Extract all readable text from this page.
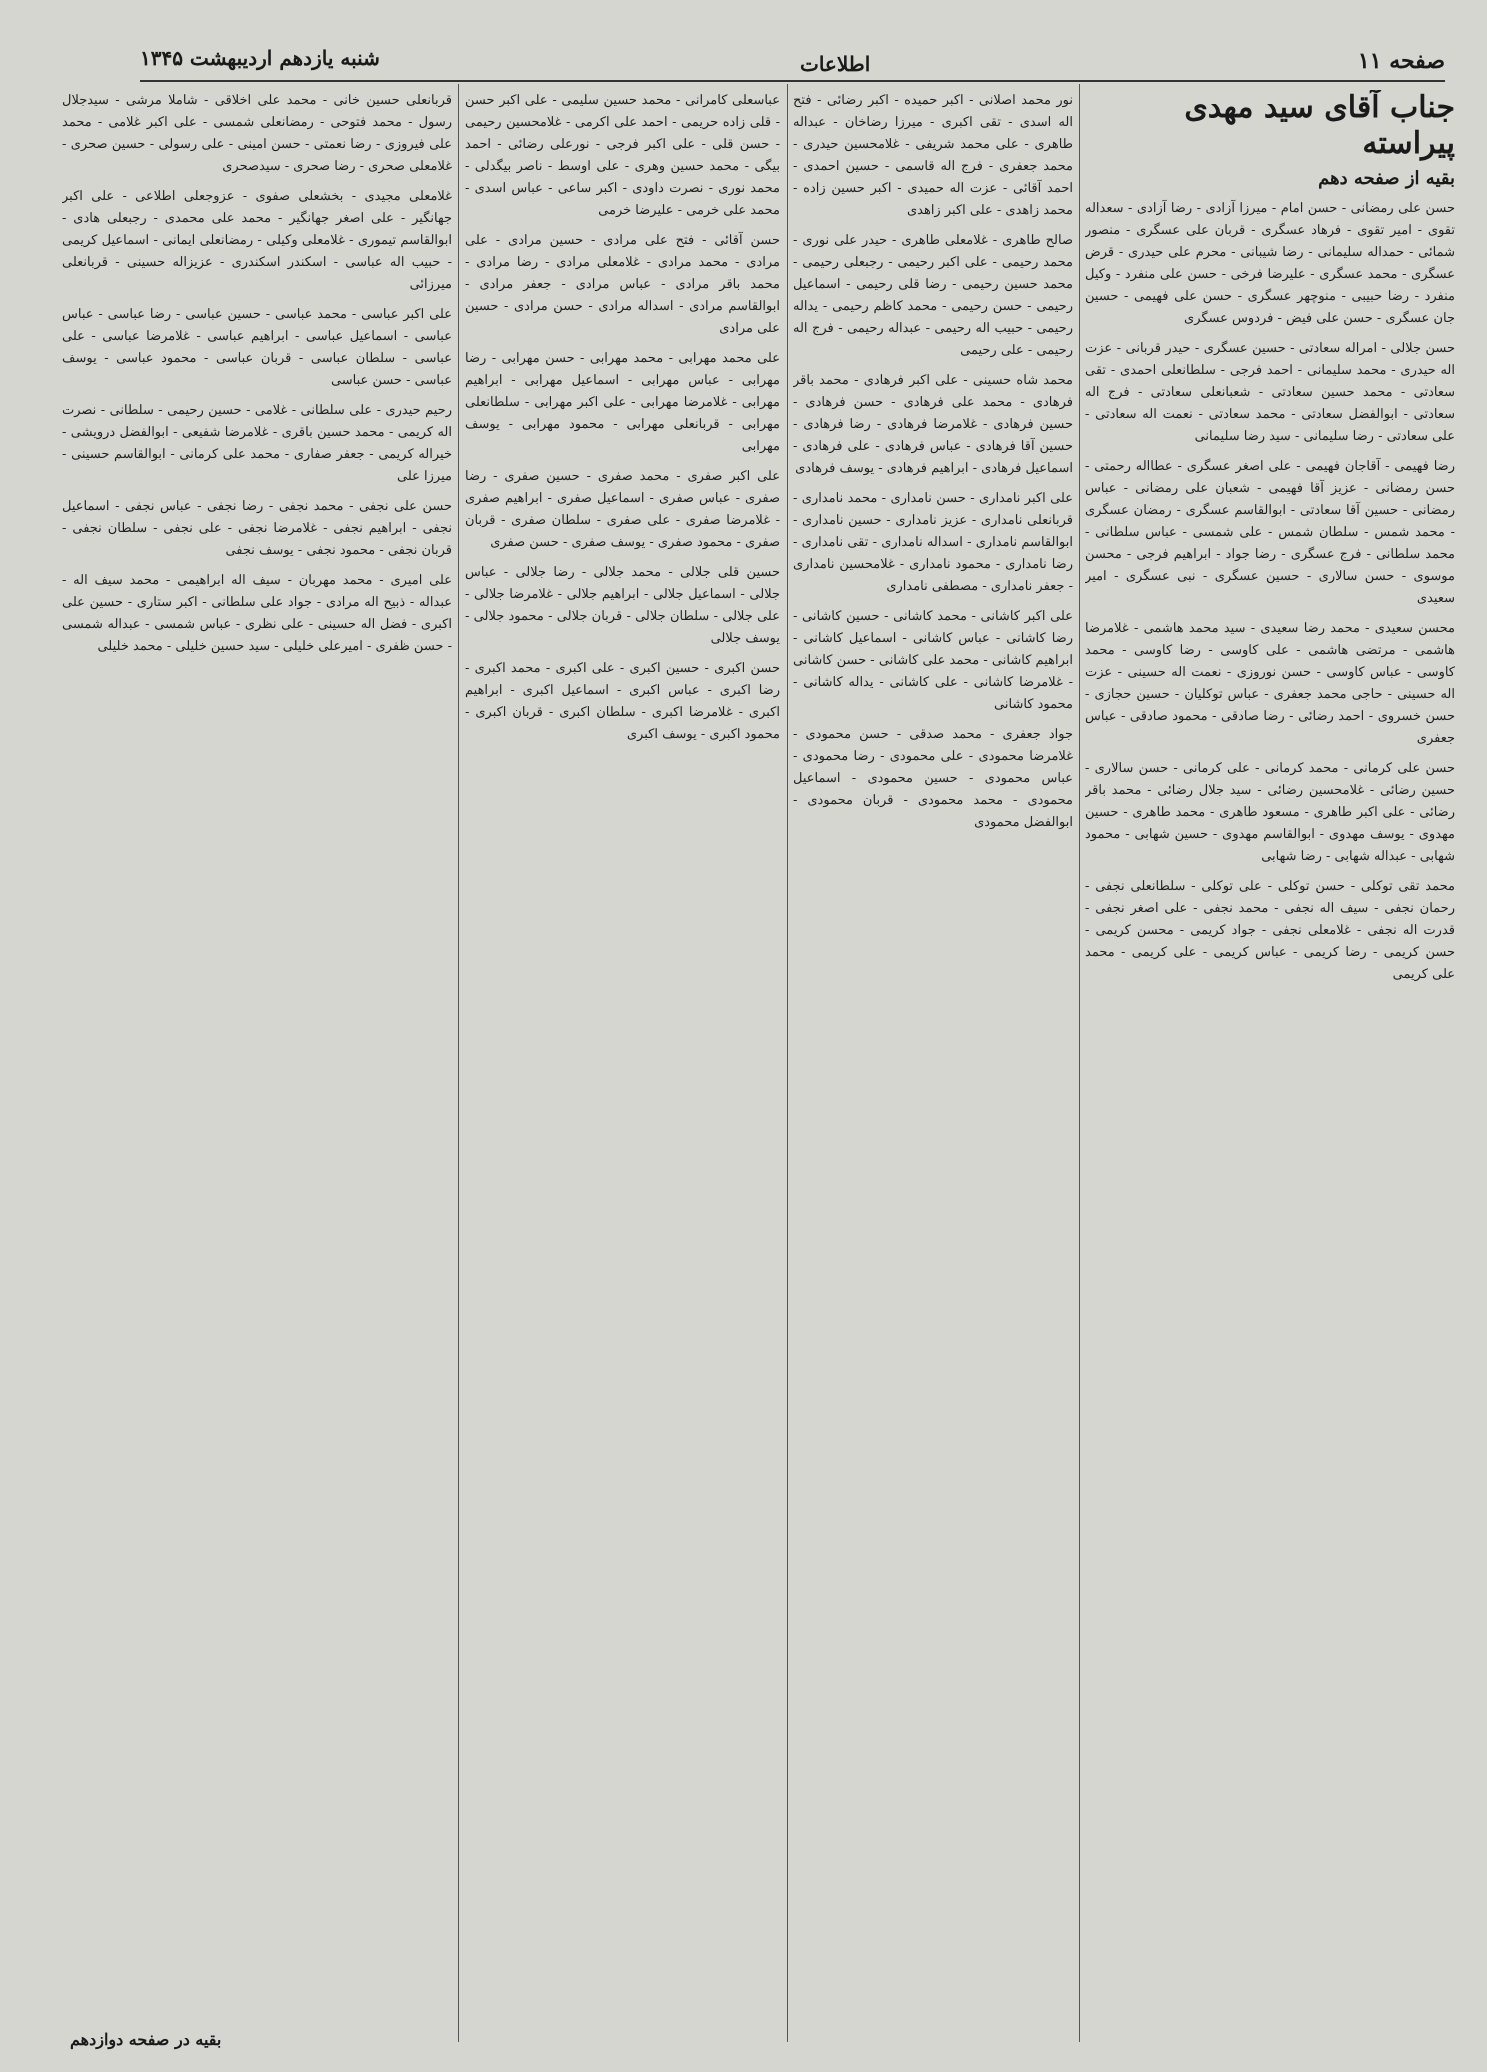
صفحه ۱۱
اطلاعات
شنبه یازدهم اردیبهشت ۱۳۴۵
جناب آقای سید مهدی پیراسته
بقیه از صفحه دهم
حسن علی رمضانی - حسن امام - میرزا آزادی - رضا آزادی - سعداله تقوی - امیر تقوی - فرهاد عسگری - قربان علی عسگری - منصور شمائی - حمداله سلیمانی - رضا شیبانی - محرم علی حیدری - قرض عسگری - محمد عسگری - علیرضا فرخی - حسن علی منفرد - وکیل منفرد - رضا حبیبی - منوچهر عسگری - حسن علی فهیمی - حسین جان عسگری - حسن علی فیض - فردوس عسگری
حسن جلالی - امراله سعادتی - حسین عسگری - حیدر قربانی - عزت اله حیدری - محمد سلیمانی - احمد فرجی - سلطانعلی احمدی - تقی سعادتی - محمد حسین سعادتی - شعبانعلی سعادتی - فرج اله سعادتی - ابوالفضل سعادتی - محمد سعادتی - نعمت اله سعادتی - علی سعادتی - رضا سلیمانی - سید رضا سلیمانی
رضا فهیمی - آقاجان فهیمی - علی اصغر عسگری - عطااله رحمتی - حسن رمضانی - عزیز آقا فهیمی - شعبان علی رمضانی - عباس رمضانی - حسین آقا سعادتی - ابوالقاسم عسگری - رمضان عسگری - محمد شمس - سلطان شمس - علی شمسی - عباس سلطانی - محمد سلطانی - فرج عسگری - رضا جواد - ابراهیم فرجی - محسن موسوی - حسن سالاری - حسین عسگری - نبی عسگری - امیر سعیدی
محسن سعیدی - محمد رضا سعیدی - سید محمد هاشمی - غلامرضا هاشمی - مرتضی هاشمی - علی کاوسی - رضا کاوسی - محمد کاوسی - عباس کاوسی - حسن نوروزی - نعمت اله حسینی - عزت اله حسینی - حاجی محمد جعفری - عباس توکلیان - حسین حجازی - حسن خسروی - احمد رضائی - رضا صادقی - محمود صادقی - عباس جعفری
حسن علی کرمانی - محمد کرمانی - علی کرمانی - حسن سالاری - حسین رضائی - غلامحسین رضائی - سید جلال رضائی - محمد باقر رضائی - علی اکبر طاهری - مسعود طاهری - محمد طاهری - حسین مهدوی - یوسف مهدوی - ابوالقاسم مهدوی - حسین شهابی - محمود شهابی - عبداله شهابی - رضا شهابی
محمد تقی توکلی - حسن توکلی - علی توکلی - سلطانعلی نجفی - رحمان نجفی - سیف اله نجفی - محمد نجفی - علی اصغر نجفی - قدرت اله نجفی - غلامعلی نجفی - جواد کریمی - محسن کریمی - حسن کریمی - رضا کریمی - عباس کریمی - علی کریمی - محمد علی کریمی
نور محمد اصلانی - اکبر حمیده - اکبر رضائی - فتح اله اسدی - تقی اکبری - میرزا رضاخان - عبداله طاهری - علی محمد شریفی - غلامحسین حیدری - محمد جعفری - فرج اله قاسمی - حسین احمدی - احمد آقائی - عزت اله حمیدی - اکبر حسین زاده - محمد زاهدی - علی اکبر زاهدی
صالح طاهری - غلامعلی طاهری - حیدر علی نوری - محمد رحیمی - علی اکبر رحیمی - رجبعلی رحیمی - محمد حسین رحیمی - رضا قلی رحیمی - اسماعیل رحیمی - حسن رحیمی - محمد کاظم رحیمی - یداله رحیمی - حبیب اله رحیمی - عبداله رحیمی - فرج اله رحیمی - علی رحیمی
محمد شاه حسینی - علی اکبر فرهادی - محمد باقر فرهادی - محمد علی فرهادی - حسن فرهادی - حسین فرهادی - غلامرضا فرهادی - رضا فرهادی - حسین آقا فرهادی - عباس فرهادی - علی فرهادی - اسماعیل فرهادی - ابراهیم فرهادی - یوسف فرهادی
علی اکبر نامداری - حسن نامداری - محمد نامداری - قربانعلی نامداری - عزیز نامداری - حسین نامداری - ابوالقاسم نامداری - اسداله نامداری - تقی نامداری - رضا نامداری - محمود نامداری - غلامحسین نامداری - جعفر نامداری - مصطفی نامداری
علی اکبر کاشانی - محمد کاشانی - حسین کاشانی - رضا کاشانی - عباس کاشانی - اسماعیل کاشانی - ابراهیم کاشانی - محمد علی کاشانی - حسن کاشانی - غلامرضا کاشانی - علی کاشانی - یداله کاشانی - محمود کاشانی
جواد جعفری - محمد صدقی - حسن محمودی - غلامرضا محمودی - علی محمودی - رضا محمودی - عباس محمودی - حسین محمودی - اسماعیل محمودی - محمد محمودی - قربان محمودی - ابوالفضل محمودی
عباسعلی کامرانی - محمد حسین سلیمی - علی اکبر حسن - قلی زاده حریمی - احمد علی اکرمی - غلامحسین رحیمی - حسن قلی - علی اکبر فرجی - نورعلی رضائی - احمد بیگی - محمد حسین وهری - علی اوسط - ناصر بیگدلی - محمد نوری - نصرت داودی - اکبر ساعی - عباس اسدی - محمد علی خرمی - علیرضا خرمی
حسن آقائی - فتح علی مرادی - حسین مرادی - علی مرادی - محمد مرادی - غلامعلی مرادی - رضا مرادی - محمد باقر مرادی - عباس مرادی - جعفر مرادی - ابوالقاسم مرادی - اسداله مرادی - حسن مرادی - حسین علی مرادی
علی محمد مهرابی - محمد مهرابی - حسن مهرابی - رضا مهرابی - عباس مهرابی - اسماعیل مهرابی - ابراهیم مهرابی - غلامرضا مهرابی - علی اکبر مهرابی - سلطانعلی مهرابی - قربانعلی مهرابی - محمود مهرابی - یوسف مهرابی
علی اکبر صفری - محمد صفری - حسین صفری - رضا صفری - عباس صفری - اسماعیل صفری - ابراهیم صفری - غلامرضا صفری - علی صفری - سلطان صفری - قربان صفری - محمود صفری - یوسف صفری - حسن صفری
حسین قلی جلالی - محمد جلالی - رضا جلالی - عباس جلالی - اسماعیل جلالی - ابراهیم جلالی - غلامرضا جلالی - علی جلالی - سلطان جلالی - قربان جلالی - محمود جلالی - یوسف جلالی
حسن اکبری - حسین اکبری - علی اکبری - محمد اکبری - رضا اکبری - عباس اکبری - اسماعیل اکبری - ابراهیم اکبری - غلامرضا اکبری - سلطان اکبری - قربان اکبری - محمود اکبری - یوسف اکبری
قربانعلی حسین خانی - محمد علی اخلاقی - شاملا مرشی - سیدجلال رسول - محمد فتوحی - رمضانعلی شمسی - علی اکبر غلامی - محمد علی فیروزی - رضا نعمتی - حسن امینی - علی رسولی - حسین صحری - غلامعلی صحری - رضا صحری - سیدصحری
غلامعلی مجیدی - بخشعلی صفوی - عزوجعلی اطلاعی - علی اکبر جهانگیر - علی اصغر جهانگیر - محمد علی محمدی - رجبعلی هادی - ابوالقاسم تیموری - غلامعلی وکیلی - رمضانعلی ایمانی - اسماعیل کریمی - حبیب اله عباسی - اسکندر اسکندری - عزیزاله حسینی - قربانعلی میرزائی
علی اکبر عباسی - محمد عباسی - حسین عباسی - رضا عباسی - عباس عباسی - اسماعیل عباسی - ابراهیم عباسی - غلامرضا عباسی - علی عباسی - سلطان عباسی - قربان عباسی - محمود عباسی - یوسف عباسی - حسن عباسی
رحیم حیدری - علی سلطانی - غلامی - حسین رحیمی - سلطانی - نصرت اله کریمی - محمد حسین باقری - غلامرضا شفیعی - ابوالفضل درویشی - خیراله کریمی - جعفر صفاری - محمد علی کرمانی - ابوالقاسم حسینی - میرزا علی
حسن علی نجفی - محمد نجفی - رضا نجفی - عباس نجفی - اسماعیل نجفی - ابراهیم نجفی - غلامرضا نجفی - علی نجفی - سلطان نجفی - قربان نجفی - محمود نجفی - یوسف نجفی
علی امیری - محمد مهربان - سیف اله ابراهیمی - محمد سیف اله - عبداله - ذبیح اله مرادی - جواد علی سلطانی - اکبر ستاری - حسین علی اکبری - فضل اله حسینی - علی نظری - عباس شمسی - عبداله شمسی - حسن ظفری - امیرعلی خلیلی - سید حسین خلیلی - محمد خلیلی
بقیه در صفحه دوازدهم
